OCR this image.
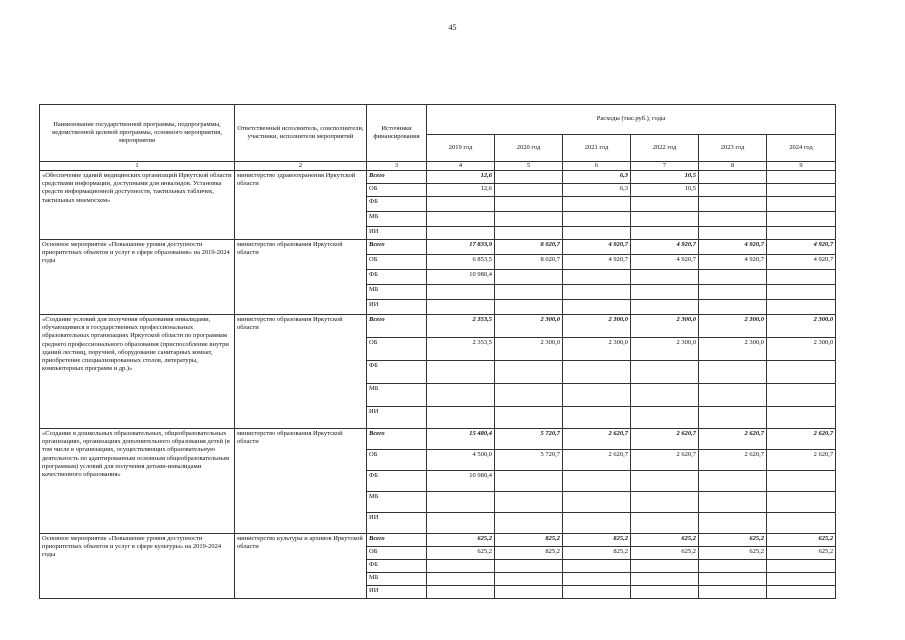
45
Наименование государственной программы, подпрограммы, ведомственной целевой программы, основного мероприятия, мероприятия	Ответственный исполнитель, соисполнители, участники, исполнители мероприятий	Источники финансирования	Расходы (тыс.руб.), годы					
			2019 год	2020 год	2021 год	2022 год	2023 год	2024 год
1	2	3	4	5	6	7	8	9
«Обеспечение зданий медицинских организаций Иркутской области средствами информации, доступными для инвалидов. Установка средств информационной доступности, тактильных табличек, тактильных мнемосхем»	министерство здравоохранения Иркутской области	Всего	12,6		6,3	10,5		
		ОБ	12,6		6,3	10,5		
		ФБ						
		МБ						
		ИИ						
Основное мероприятие «Повышение уровня доступности приоритетных объектов и услуг в сфере образования» на 2019-2024 годы	министерство образования Иркутской области	Всего	17 833,9	8 020,7	4 920,7	4 920,7	4 920,7	4 920,7
		ОБ	6 853,5	8 020,7	4 920,7	4 920,7	4 920,7	4 920,7
		ФБ	10 980,4					
		МБ						
		ИИ						
«Создание условий для получения образования инвалидами, обучающимися в государственных профессиональных образовательных организациях Иркутской области по программам среднего профессионального образования (приспособление внутри зданий лестниц, поручней, оборудование санитарных комнат, приобретение специализированных столов, литературы, компьютерных программ и др.)»	министерство образования Иркутской области	Всего	2 353,5	2 300,0	2 300,0	2 300,0	2 300,0	2 300,0
		ОБ	2 353,5	2 300,0	2 300,0	2 300,0	2 300,0	2 300,0
		ФБ						
		МБ						
		ИИ						
«Создание в дошкольных образовательных, общеобразовательных организациях, организациях дополнительного образования детей (в том числе в организациях, осуществляющих образовательную деятельность по адаптированным основным общеобразовательным программам) условий для получения детьми-инвалидами качественного образования»	министерство образования Иркутской области	Всего	15 480,4	5 720,7	2 620,7	2 620,7	2 620,7	2 620,7
		ОБ	4 500,0	5 720,7	2 620,7	2 620,7	2 620,7	2 620,7
		ФБ	10 980,4					
		МБ						
		ИИ						
Основное мероприятие «Повышение уровня доступности приоритетных объектов и услуг в сфере культуры» на 2019-2024 годы	министерство культуры и архивов Иркутской области	Всего	625,2	825,2	825,2	625,2	625,2	625,2
		ОБ	625,2	825,2	825,2	625,2	625,2	625,2
		ФБ						
		МБ						
		ИИ						
